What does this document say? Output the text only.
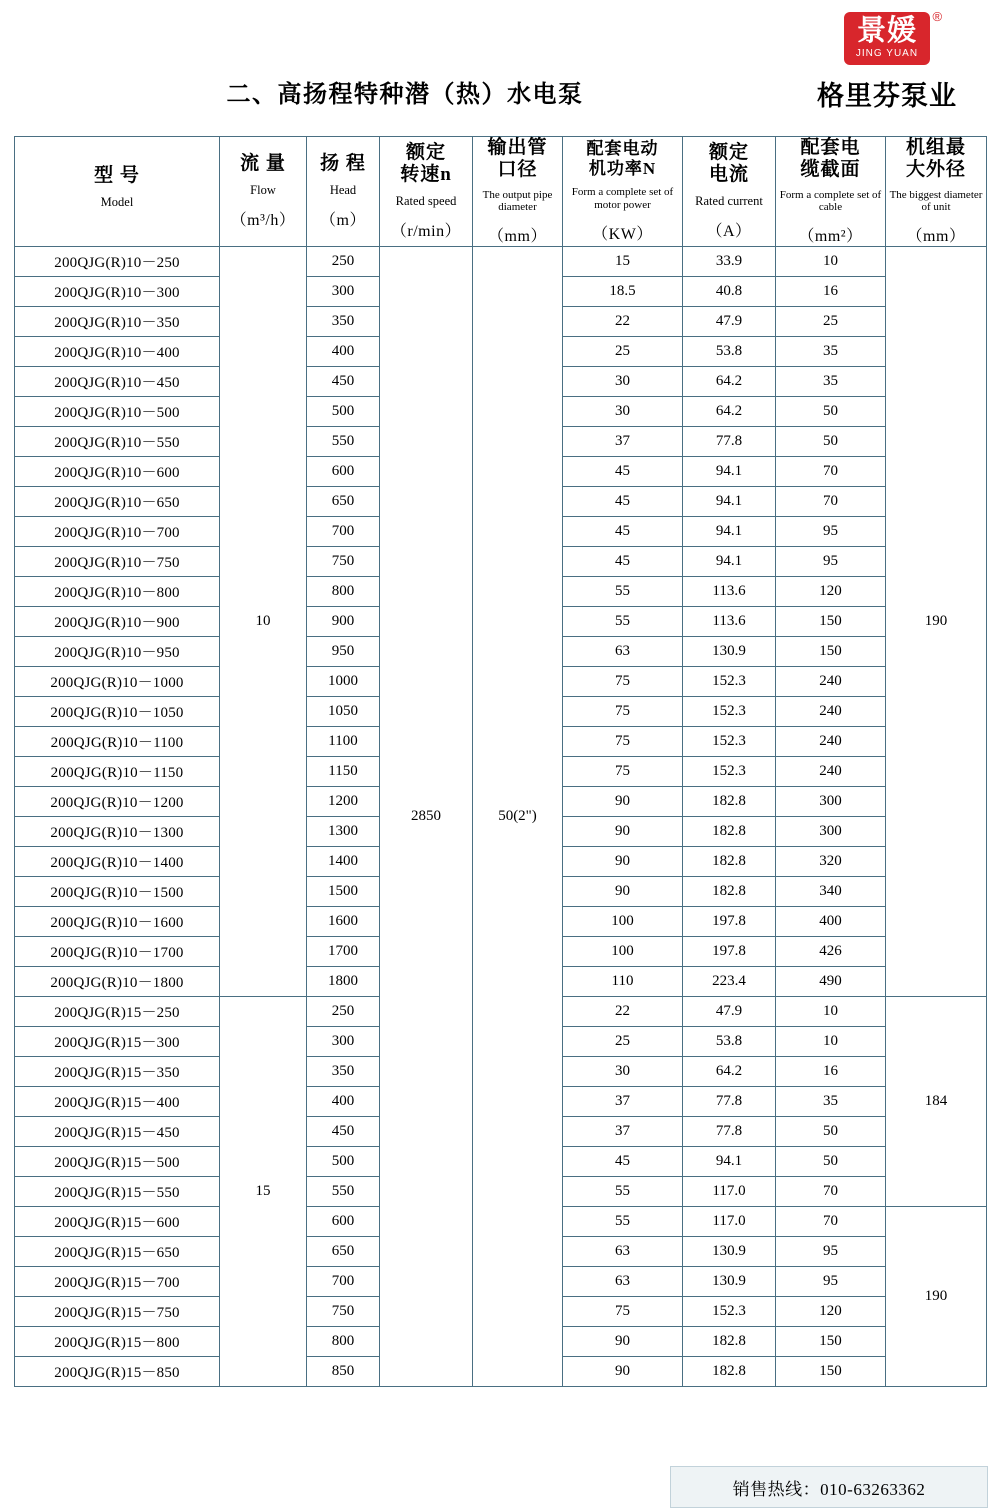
®
景媛
JING YUAN
格里芬泵业
二、高扬程特种潜（热）水电泵
型 号
Model

流 量
Flow
（m³/h）

扬 程
Head
（m）

额定
转速n
Rated speed
（r/min）

输出管
口径
The output pipe diameter
（mm）

配套电动
机功率N
Form a complete set of motor power
（KW）

额定
电流
Rated current
（A）

配套电
缆截面
Form a complete set of cable
（mm²）

机组最
大外径
The biggest diameter of unit
（mm）

200QJG(R)10－250	10	250	2850	50(2")	15	33.9	10	190
200QJG(R)10－300		300			18.5	40.8	16	
200QJG(R)10－350		350			22	47.9	25	
200QJG(R)10－400		400			25	53.8	35	
200QJG(R)10－450		450			30	64.2	35	
200QJG(R)10－500		500			30	64.2	50	
200QJG(R)10－550		550			37	77.8	50	
200QJG(R)10－600		600			45	94.1	70	
200QJG(R)10－650		650			45	94.1	70	
200QJG(R)10－700		700			45	94.1	95	
200QJG(R)10－750		750			45	94.1	95	
200QJG(R)10－800		800			55	113.6	120	
200QJG(R)10－900		900			55	113.6	150	
200QJG(R)10－950		950			63	130.9	150	
200QJG(R)10－1000		1000			75	152.3	240	
200QJG(R)10－1050		1050			75	152.3	240	
200QJG(R)10－1100		1100			75	152.3	240	
200QJG(R)10－1150		1150			75	152.3	240	
200QJG(R)10－1200		1200			90	182.8	300	
200QJG(R)10－1300		1300			90	182.8	300	
200QJG(R)10－1400		1400			90	182.8	320	
200QJG(R)10－1500		1500			90	182.8	340	
200QJG(R)10－1600		1600			100	197.8	400	
200QJG(R)10－1700		1700			100	197.8	426	
200QJG(R)10－1800		1800			110	223.4	490	
200QJG(R)15－250	15	250			22	47.9	10	184
200QJG(R)15－300		300			25	53.8	10	
200QJG(R)15－350		350			30	64.2	16	
200QJG(R)15－400		400			37	77.8	35	
200QJG(R)15－450		450			37	77.8	50	
200QJG(R)15－500		500			45	94.1	50	
200QJG(R)15－550		550			55	117.0	70	
200QJG(R)15－600		600			55	117.0	70	190
200QJG(R)15－650		650			63	130.9	95	
200QJG(R)15－700		700			63	130.9	95	
200QJG(R)15－750		750			75	152.3	120	
200QJG(R)15－800		800			90	182.8	150	
200QJG(R)15－850		850			90	182.8	150	
销售热线：010-63263362
